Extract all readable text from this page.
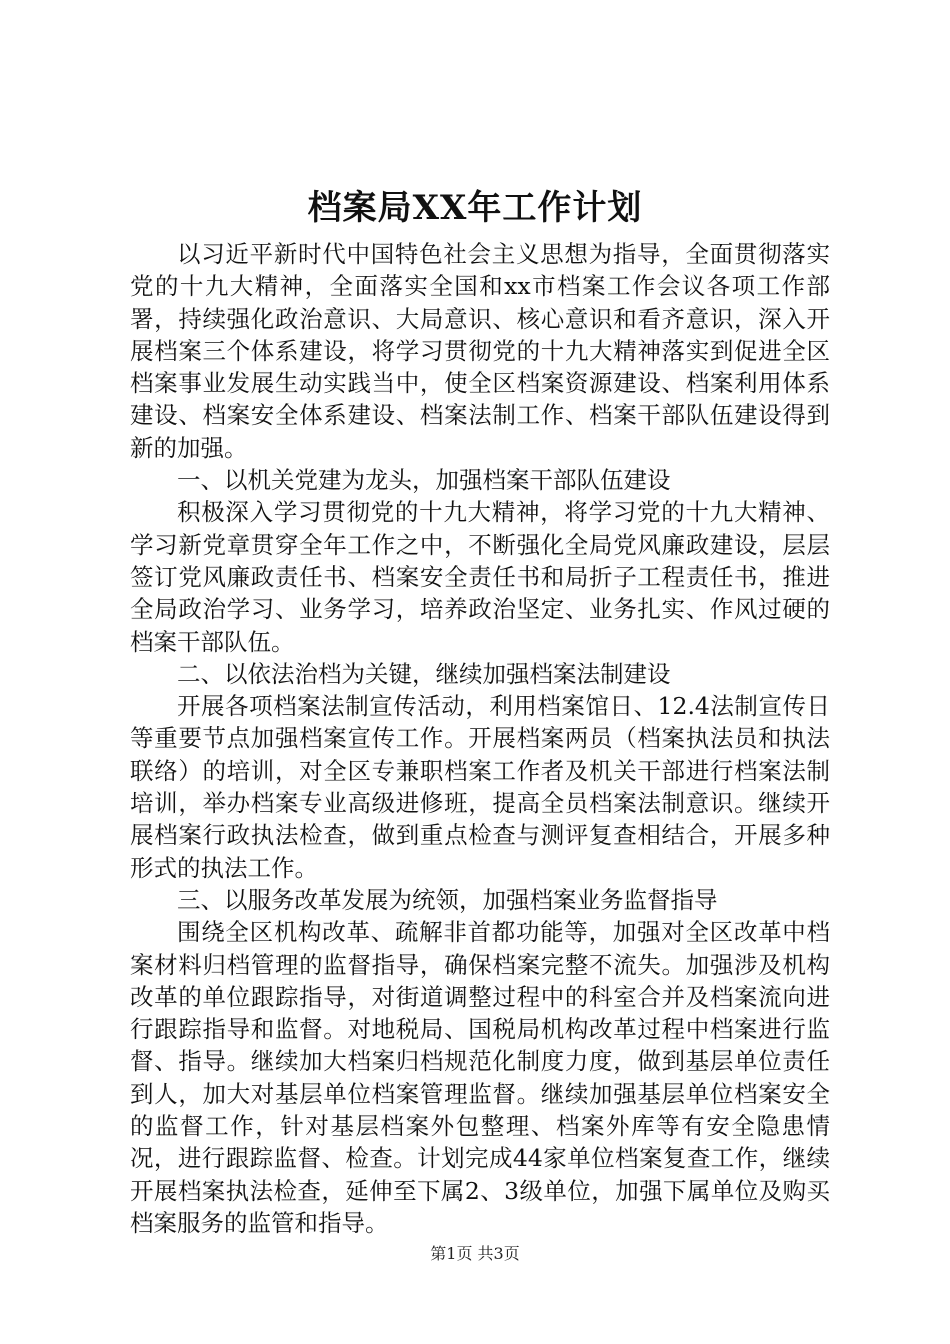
档案局XX年工作计划

以习近平新时代中国特色社会主义思想为指导，全面贯彻落实党的十九大精神，全面落实全国和xx市档案工作会议各项工作部署，持续强化政治意识、大局意识、核心意识和看齐意识，深入开展档案三个体系建设，将学习贯彻党的十九大精神落实到促进全区档案事业发展生动实践当中，使全区档案资源建设、档案利用体系建设、档案安全体系建设、档案法制工作、档案干部队伍建设得到新的加强。

一、以机关党建为龙头，加强档案干部队伍建设

积极深入学习贯彻党的十九大精神，将学习党的十九大精神、学习新党章贯穿全年工作之中，不断强化全局党风廉政建设，层层签订党风廉政责任书、档案安全责任书和局折子工程责任书，推进全局政治学习、业务学习，培养政治坚定、业务扎实、作风过硬的档案干部队伍。

二、以依法治档为关键，继续加强档案法制建设

开展各项档案法制宣传活动，利用档案馆日、12.4法制宣传日等重要节点加强档案宣传工作。开展档案两员（档案执法员和执法联络）的培训，对全区专兼职档案工作者及机关干部进行档案法制培训，举办档案专业高级进修班，提高全员档案法制意识。继续开展档案行政执法检查，做到重点检查与测评复查相结合，开展多种形式的执法工作。

三、以服务改革发展为统领，加强档案业务监督指导

围绕全区机构改革、疏解非首都功能等，加强对全区改革中档案材料归档管理的监督指导，确保档案完整不流失。加强涉及机构改革的单位跟踪指导，对街道调整过程中的科室合并及档案流向进行跟踪指导和监督。对地税局、国税局机构改革过程中档案进行监督、指导。继续加大档案归档规范化制度力度，做到基层单位责任到人，加大对基层单位档案管理监督。继续加强基层单位档案安全的监督工作，针对基层档案外包整理、档案外库等有安全隐患情况，进行跟踪监督、检查。计划完成44家单位档案复查工作，继续开展档案执法检查，延伸至下属2、3级单位，加强下属单位及购买档案服务的监管和指导。

第1页 共3页
